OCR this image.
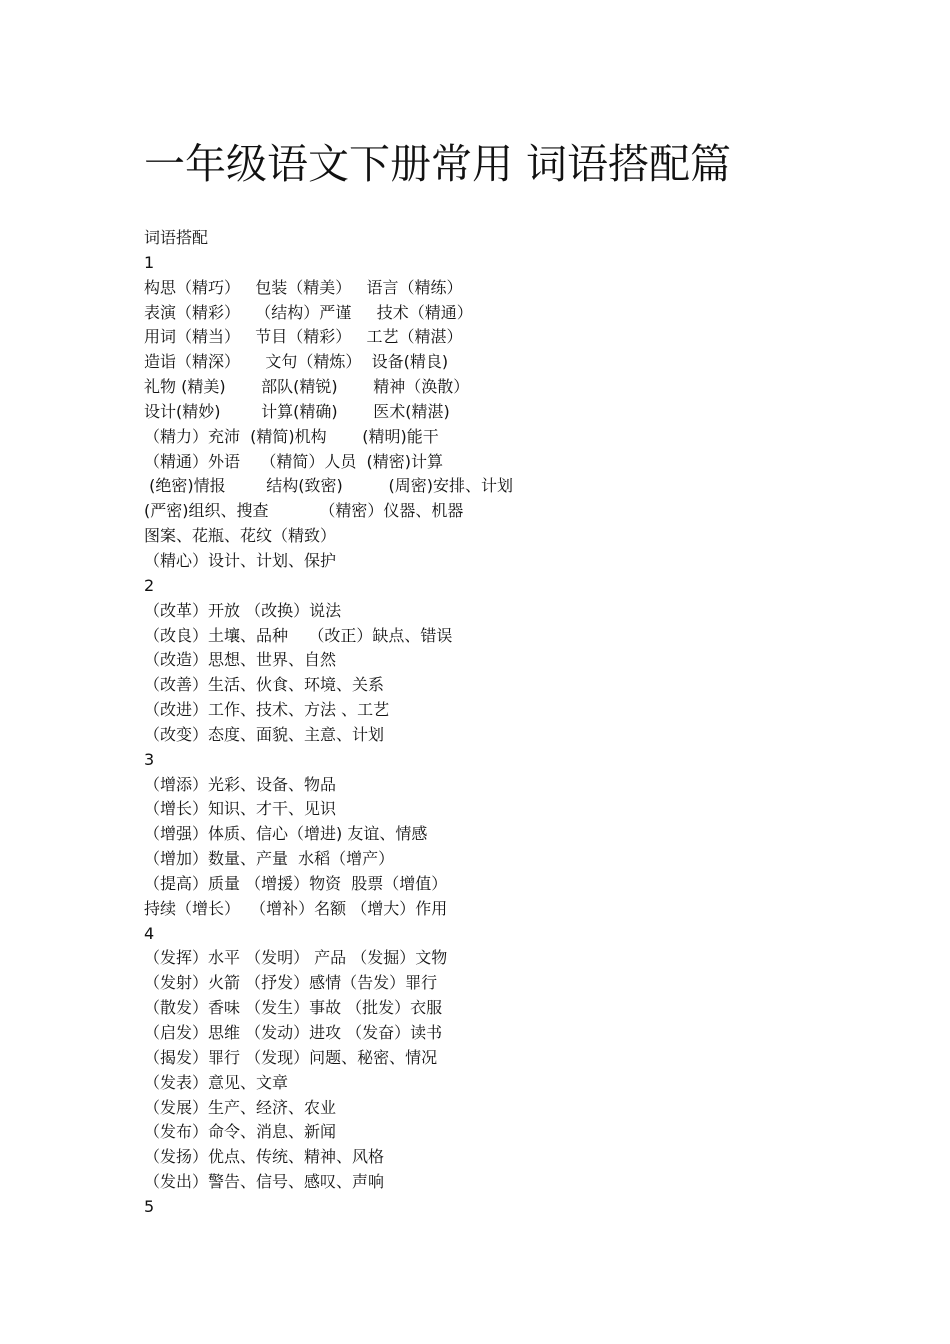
一年级语文下册常用 词语搭配篇
词语搭配
1
构思（精巧）   包装（精美）   语言（精练）
表演（精彩）   （结构）严谨     技术（精通）
用词（精当）   节目（精彩）   工艺（精湛）
造诣（精深）     文句（精炼）  设备(精良)
礼物 (精美)       部队(精锐)       精神（涣散）
设计(精妙)        计算(精确)       医术(精湛)
（精力）充沛  (精简)机构       (精明)能干
（精通）外语    （精简）人员  (精密)计算
(绝密)情报        结构(致密)         (周密)安排、计划
(严密)组织、搜查          （精密）仪器、机器
图案、花瓶、花纹（精致）
（精心）设计、计划、保护
2
（改革）开放 （改换）说法
（改良）土壤、品种    （改正）缺点、错误
（改造）思想、世界、自然
（改善）生活、伙食、环境、关系
（改进）工作、技术、方法 、工艺
（改变）态度、面貌、主意、计划
3
（增添）光彩、设备、物品
（增长）知识、才干、见识
（增强）体质、信心（增进) 友谊、情感
（增加）数量、产量  水稻（增产）
（提高）质量 （增援）物资  股票（增值）
持续（增长）  （增补）名额 （增大）作用
4
（发挥）水平 （发明） 产品 （发掘）文物
（发射）火箭 （抒发）感情（告发）罪行
（散发）香味 （发生）事故 （批发）衣服
（启发）思维 （发动）进攻 （发奋）读书
（揭发）罪行 （发现）问题、秘密、情况
（发表）意见、文章
（发展）生产、经济、农业
（发布）命令、消息、新闻
（发扬）优点、传统、精神、风格
（发出）警告、信号、感叹、声响
5
